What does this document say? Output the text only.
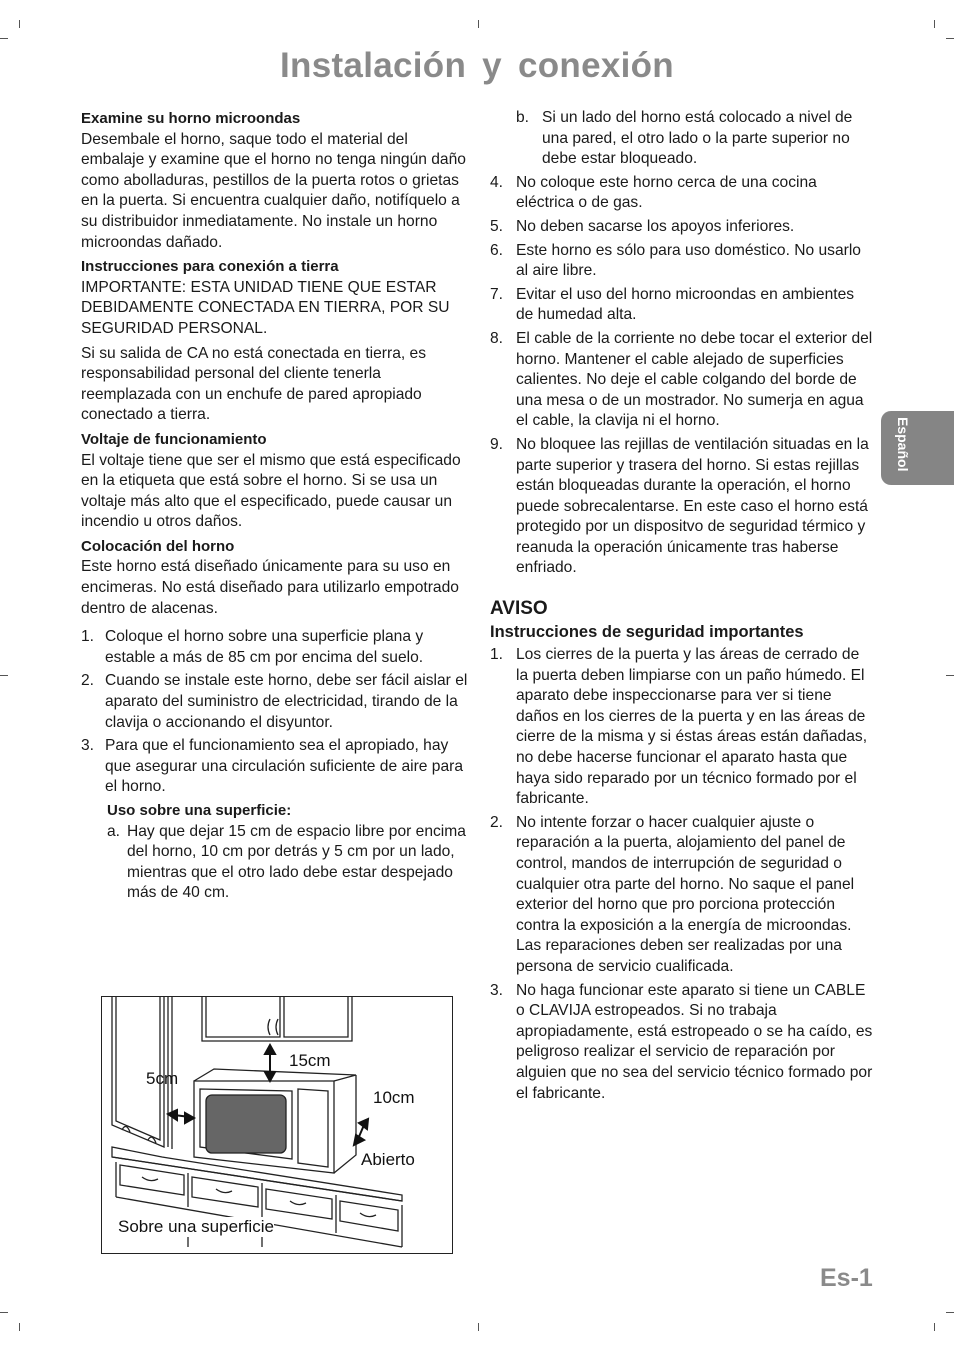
Instalación y conexión

Examine su horno microondas

Desembale el horno, saque todo el material del embalaje y examine que el horno no tenga ningún daño como abolladuras, pestillos de la puerta rotos o grietas en la puerta. Si encuentra cualquier daño, notifíquelo a su distribuidor inmediatamente. No instale un horno microondas dañado.

Instrucciones para conexión a tierra

IMPORTANTE: ESTA UNIDAD TIENE QUE ESTAR DEBIDAMENTE CONECTADA EN TIERRA, POR SU SEGURIDAD PERSONAL.

Si su salida de CA no está conectada en tierra, es responsabilidad personal del cliente tenerla reemplazada con un enchufe de pared apropiado conectado a tierra.

Voltaje de funcionamiento

El voltaje tiene que ser el mismo que está especificado en la etiqueta que está sobre el horno. Si se usa un voltaje más alto que el especificado, puede causar un incendio u otros daños.

Colocación del horno

Este horno está diseñado únicamente para su uso en encimeras. No está diseñado para utilizarlo empotrado dentro de alacenas.

1. Coloque el horno sobre una superficie plana y estable a más de 85 cm por encima del suelo.
2. Cuando se instale este horno, debe ser fácil aislar el aparato del suministro de electricidad, tirando de la clavija o accionando el disyuntor.
3. Para que el funcionamiento sea el apropiado, hay que asegurar una circulación suficiente de aire para el horno.

Uso sobre una superficie:

a. Hay que dejar 15 cm de espacio libre por encima del horno, 10 cm por detrás y 5 cm por un lado, mientras que el otro lado debe estar despejado más de 40 cm.
5cm
15cm
10cm
Abierto
Sobre una superficie
b. Si un lado del horno está colocado a nivel de una pared, el otro lado o la parte superior no debe estar bloqueado.
4. No coloque este horno cerca de una cocina eléctrica o de gas.
5. No deben sacarse los apoyos inferiores.
6. Este horno es sólo para uso doméstico. No usarlo al aire libre.
7. Evitar el uso del horno microondas en ambientes de humedad alta.
8. El cable de la corriente no debe tocar el exterior del horno. Mantener el cable alejado de superficies calientes. No deje el cable colgando del borde de una mesa o de un mostrador. No sumerja en agua el cable, la clavija ni el horno.
9. No bloquee las rejillas de ventilación situadas en la parte superior y trasera del horno. Si estas rejillas están bloqueadas durante la operación, el horno puede sobrecalentarse. En este caso el horno está protegido por un dispositvo de seguridad térmico y reanuda la operación únicamente tras haberse enfriado.

AVISO

Instrucciones de seguridad importantes

1. Los cierres de la puerta y las áreas de cerrado de la puerta deben limpiarse con un paño húmedo. El aparato debe inspeccionarse para ver si tiene daños en los cierres de la puerta y en las áreas de cierre de la misma y si éstas áreas están dañadas, no debe hacerse funcionar el aparato hasta que haya sido reparado por un técnico formado por el fabricante.
2. No intente forzar o hacer cualquier ajuste o reparación a la puerta, alojamiento del panel de control, mandos de interrupción de seguridad o cualquier otra parte del horno. No saque el panel exterior del horno que pro porciona protección contra la exposición a la energía de microondas. Las reparaciones deben ser realizadas por una persona de servicio cualificada.
3. No haga funcionar este aparato si tiene un CABLE o CLAVIJA estropeados. Si no trabaja apropiadamente, está estropeado o se ha caído, es peligroso realizar el servicio de reparación por alguien que no sea del servicio técnico formado por el fabricante.
Español
Es-1
